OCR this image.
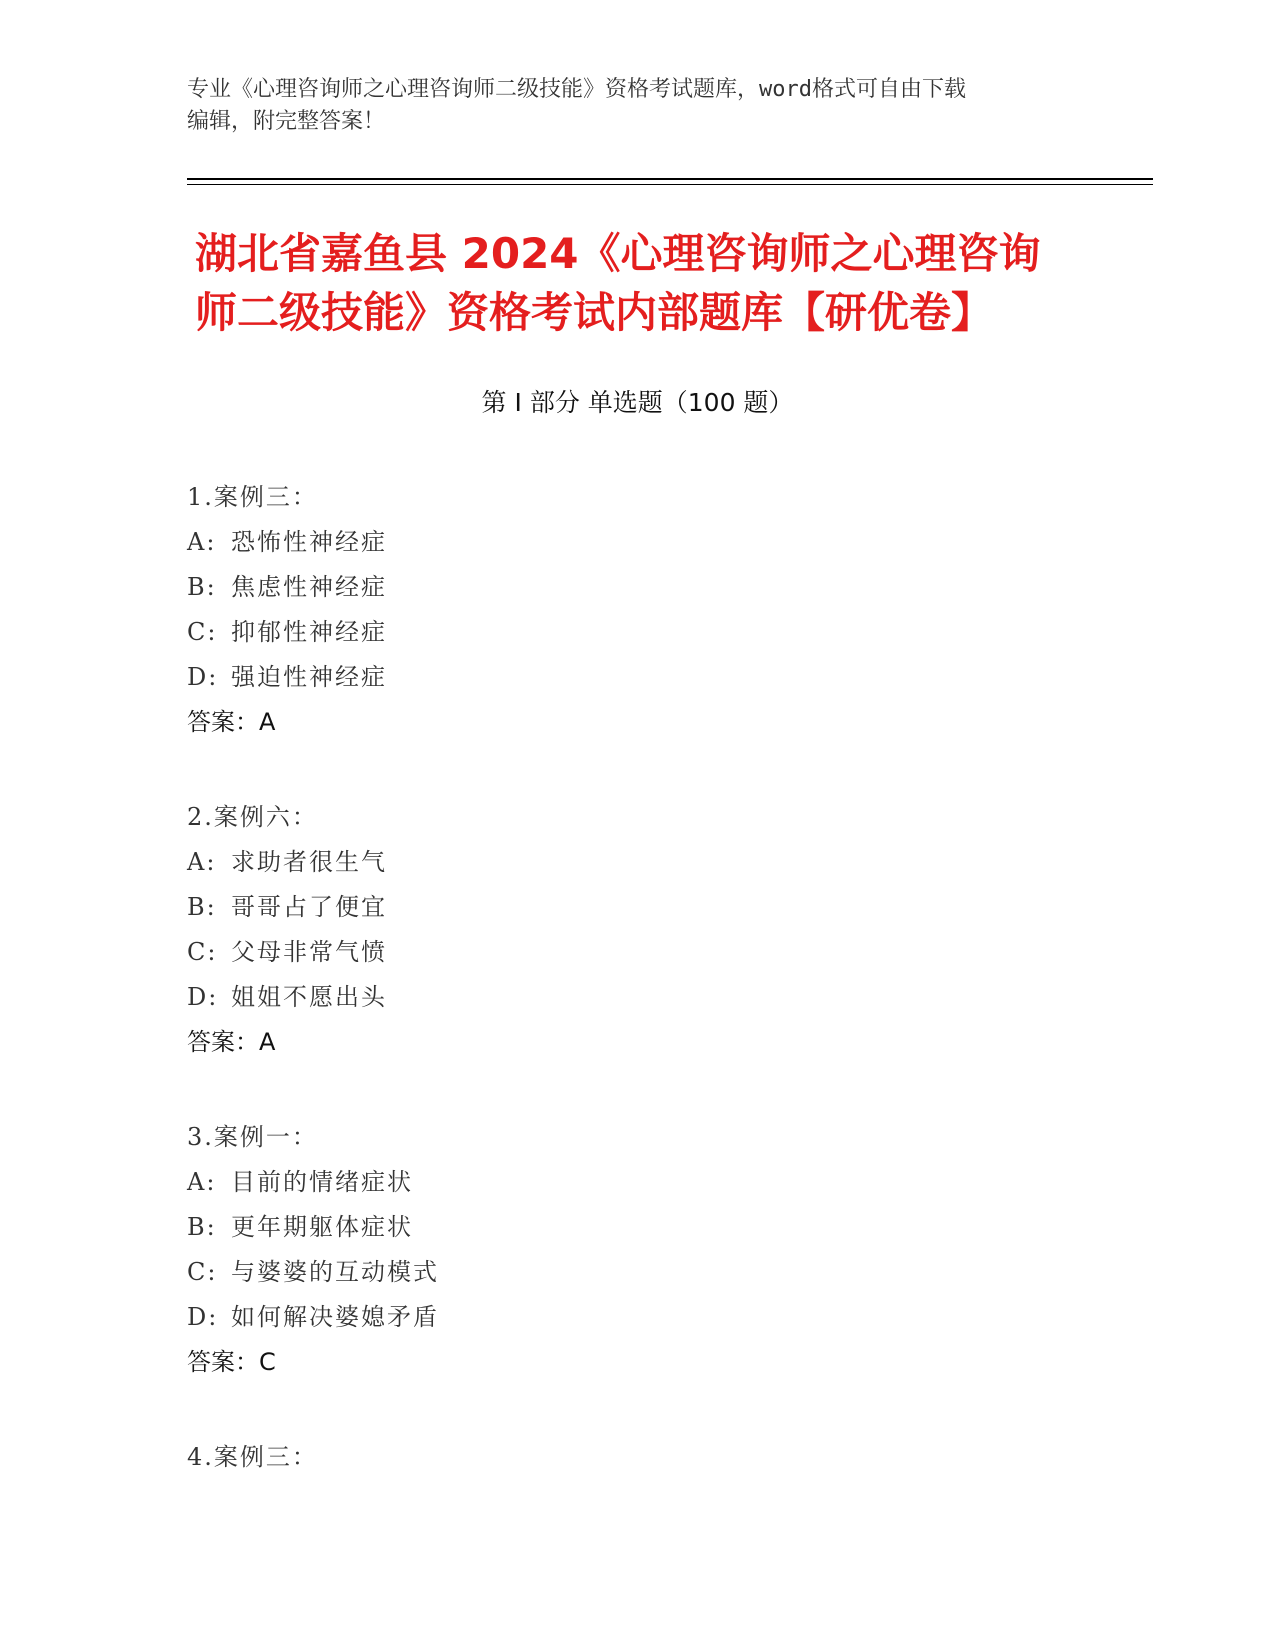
专业《心理咨询师之心理咨询师二级技能》资格考试题库，word格式可自由下载
编辑，附完整答案！
湖北省嘉鱼县 2024《心理咨询师之心理咨询
师二级技能》资格考试内部题库【研优卷】
第 I 部分 单选题（100 题）
1.案例三：
A: 恐怖性神经症
B: 焦虑性神经症
C: 抑郁性神经症
D: 强迫性神经症
答案：A
2.案例六：
A: 求助者很生气
B: 哥哥占了便宜
C: 父母非常气愤
D: 姐姐不愿出头
答案：A
3.案例一：
A: 目前的情绪症状
B: 更年期躯体症状
C: 与婆婆的互动模式
D: 如何解决婆媳矛盾
答案：C
4.案例三：
